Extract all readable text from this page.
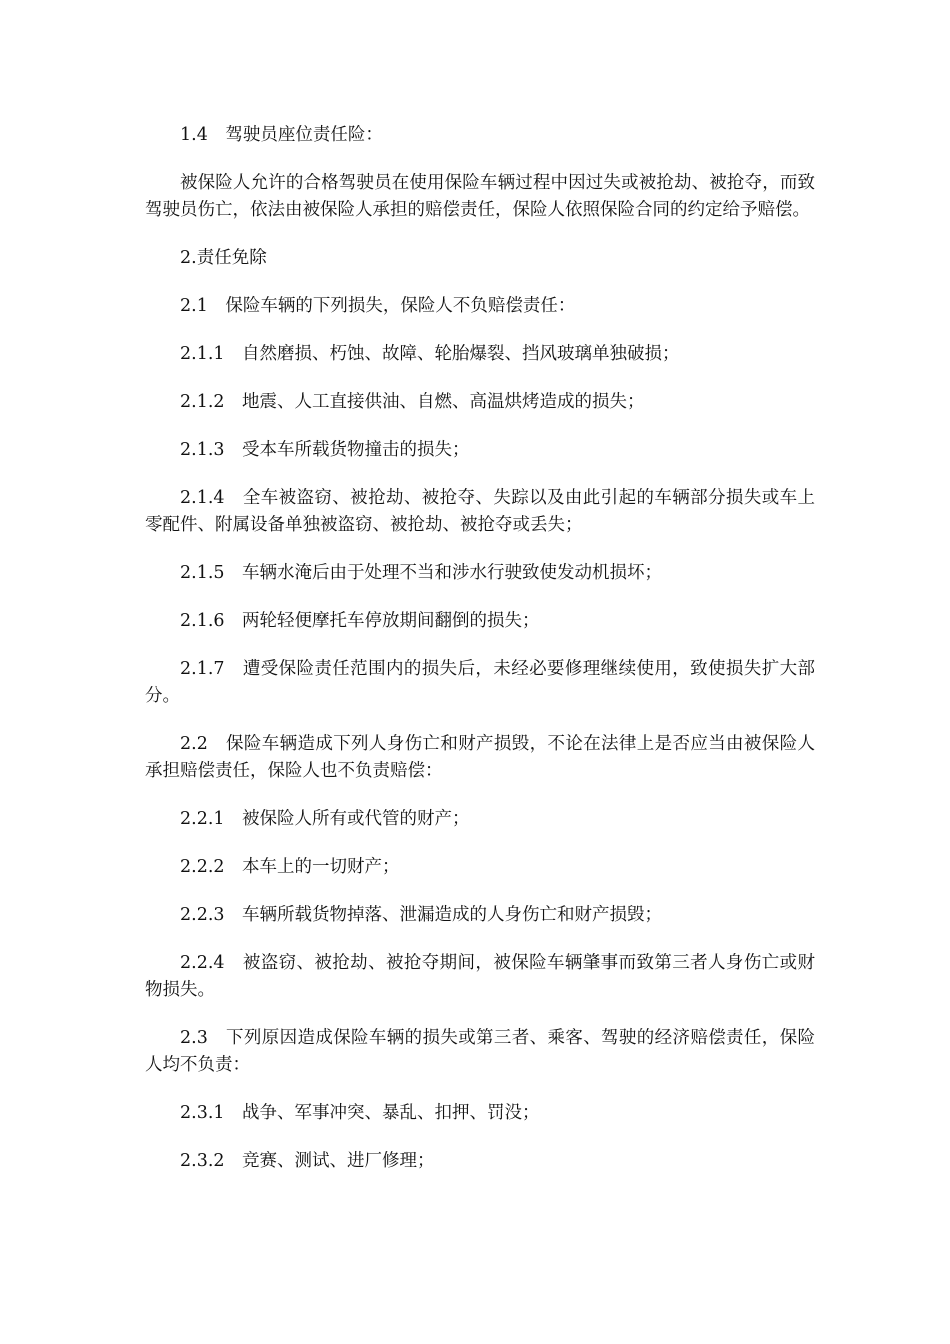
1.4　驾驶员座位责任险：

被保险人允许的合格驾驶员在使用保险车辆过程中因过失或被抢劫、被抢夺，而致驾驶员伤亡，依法由被保险人承担的赔偿责任，保险人依照保险合同的约定给予赔偿。

2.责任免除

2.1　保险车辆的下列损失，保险人不负赔偿责任：

2.1.1　自然磨损、朽蚀、故障、轮胎爆裂、挡风玻璃单独破损；

2.1.2　地震、人工直接供油、自燃、高温烘烤造成的损失；

2.1.3　受本车所载货物撞击的损失；

2.1.4　全车被盗窃、被抢劫、被抢夺、失踪以及由此引起的车辆部分损失或车上零配件、附属设备单独被盗窃、被抢劫、被抢夺或丢失；

2.1.5　车辆水淹后由于处理不当和涉水行驶致使发动机损坏；

2.1.6　两轮轻便摩托车停放期间翻倒的损失；

2.1.7　遭受保险责任范围内的损失后，未经必要修理继续使用，致使损失扩大部分。

2.2　保险车辆造成下列人身伤亡和财产损毁，不论在法律上是否应当由被保险人承担赔偿责任，保险人也不负责赔偿：

2.2.1　被保险人所有或代管的财产；

2.2.2　本车上的一切财产；

2.2.3　车辆所载货物掉落、泄漏造成的人身伤亡和财产损毁；

2.2.4　被盗窃、被抢劫、被抢夺期间，被保险车辆肇事而致第三者人身伤亡或财物损失。

2.3　下列原因造成保险车辆的损失或第三者、乘客、驾驶的经济赔偿责任，保险人均不负责：

2.3.1　战争、军事冲突、暴乱、扣押、罚没；

2.3.2　竞赛、测试、进厂修理；
